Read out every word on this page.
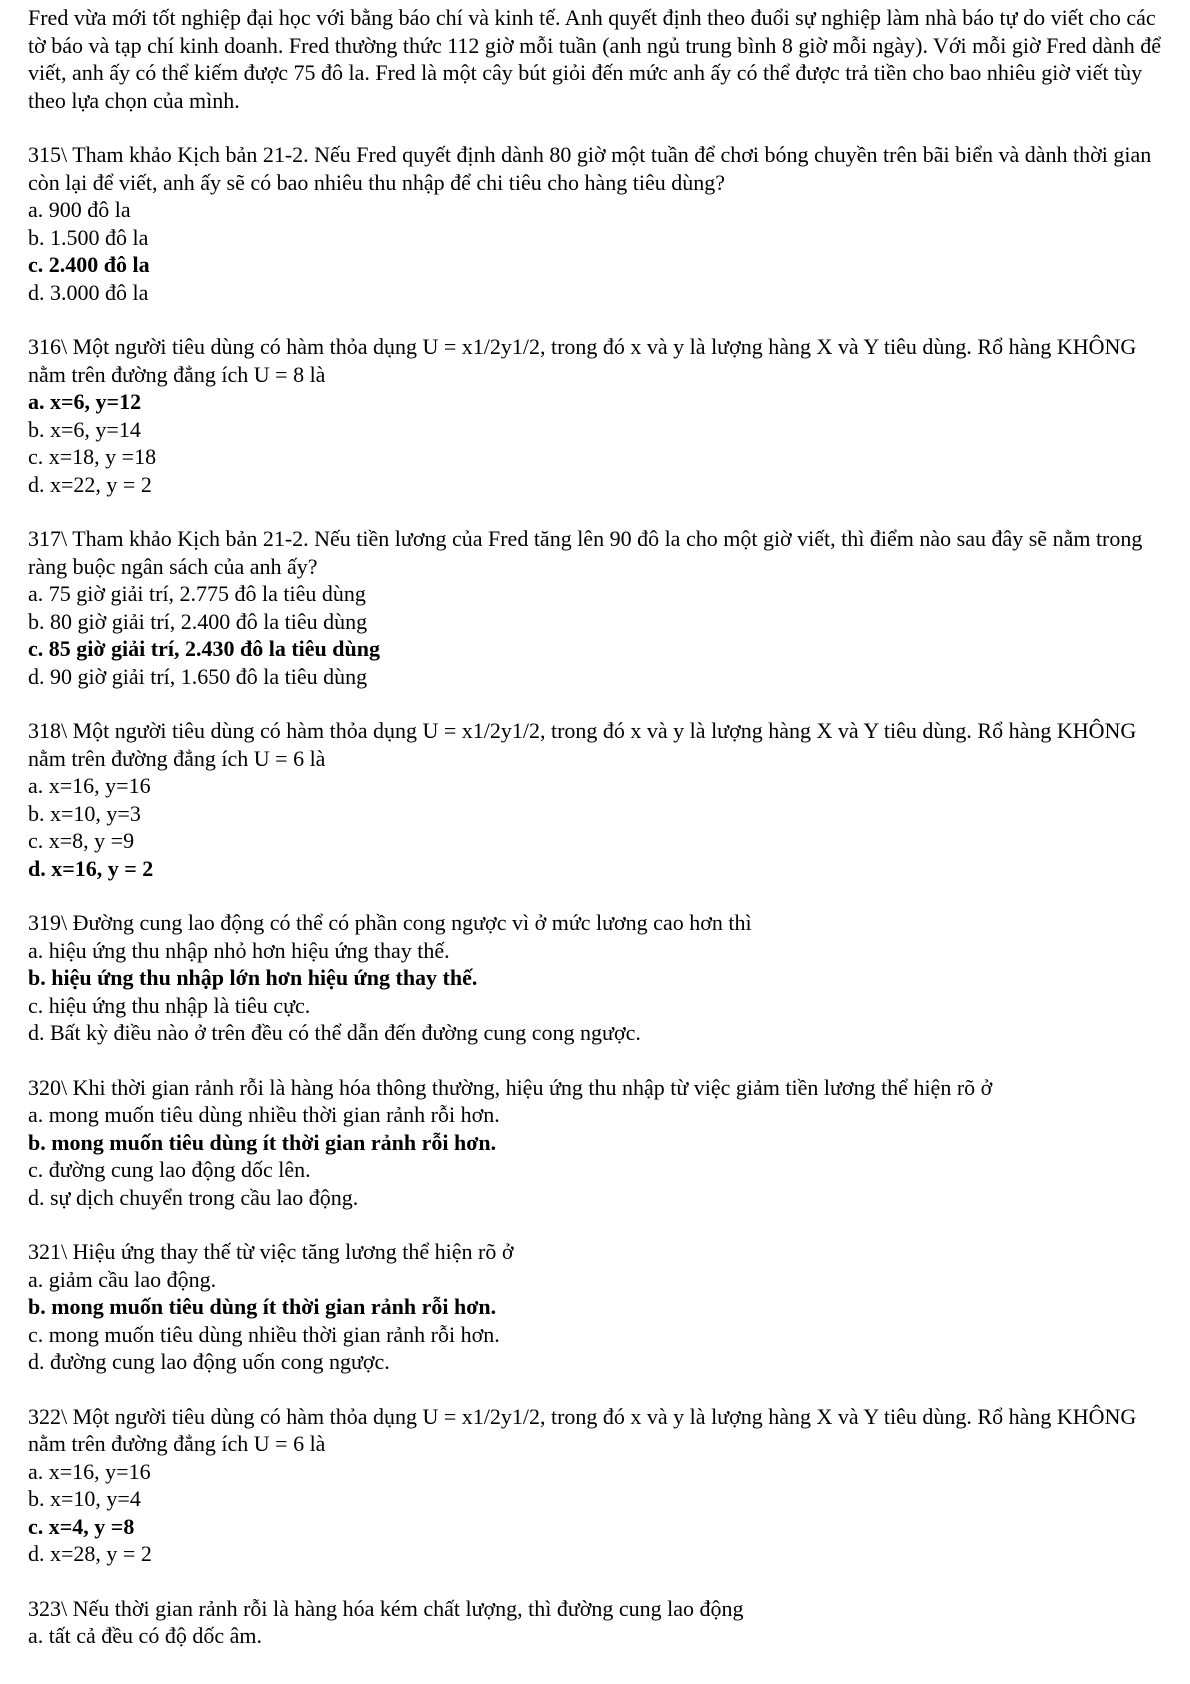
Fred vừa mới tốt nghiệp đại học với bằng báo chí và kinh tế. Anh quyết định theo đuổi sự nghiệp làm nhà báo tự do viết cho các tờ báo và tạp chí kinh doanh. Fred thường thức 112 giờ mỗi tuần (anh ngủ trung bình 8 giờ mỗi ngày). Với mỗi giờ Fred dành để viết, anh ấy có thể kiếm được 75 đô la. Fred là một cây bút giỏi đến mức anh ấy có thể được trả tiền cho bao nhiêu giờ viết tùy theo lựa chọn của mình.

315\ Tham khảo Kịch bản 21-2. Nếu Fred quyết định dành 80 giờ một tuần để chơi bóng chuyền trên bãi biển và dành thời gian còn lại để viết, anh ấy sẽ có bao nhiêu thu nhập để chi tiêu cho hàng tiêu dùng?

a. 900 đô la
b. 1.500 đô la
c. 2.400 đô la
d. 3.000 đô la

316\ Một người tiêu dùng có hàm thỏa dụng U = x1/2y1/2, trong đó x và y là lượng hàng X và Y tiêu dùng. Rổ hàng KHÔNG nằm trên đường đẳng ích U = 8 là

a. x=6, y=12
b. x=6, y=14
c. x=18, y =18
d. x=22, y = 2

317\ Tham khảo Kịch bản 21-2. Nếu tiền lương của Fred tăng lên 90 đô la cho một giờ viết, thì điểm nào sau đây sẽ nằm trong ràng buộc ngân sách của anh ấy?

a. 75 giờ giải trí, 2.775 đô la tiêu dùng
b. 80 giờ giải trí, 2.400 đô la tiêu dùng
c. 85 giờ giải trí, 2.430 đô la tiêu dùng
d. 90 giờ giải trí, 1.650 đô la tiêu dùng

318\ Một người tiêu dùng có hàm thỏa dụng U = x1/2y1/2, trong đó x và y là lượng hàng X và Y tiêu dùng. Rổ hàng KHÔNG nằm trên đường đẳng ích U = 6 là

a. x=16, y=16
b. x=10, y=3
c. x=8, y =9
d. x=16, y = 2

319\ Đường cung lao động có thể có phần cong ngược vì ở mức lương cao hơn thì

a. hiệu ứng thu nhập nhỏ hơn hiệu ứng thay thế.
b. hiệu ứng thu nhập lớn hơn hiệu ứng thay thế.
c. hiệu ứng thu nhập là tiêu cực.
d. Bất kỳ điều nào ở trên đều có thể dẫn đến đường cung cong ngược.

320\ Khi thời gian rảnh rỗi là hàng hóa thông thường, hiệu ứng thu nhập từ việc giảm tiền lương thể hiện rõ ở

a. mong muốn tiêu dùng nhiều thời gian rảnh rỗi hơn.
b. mong muốn tiêu dùng ít thời gian rảnh rỗi hơn.
c. đường cung lao động dốc lên.
d. sự dịch chuyển trong cầu lao động.

321\ Hiệu ứng thay thế từ việc tăng lương thể hiện rõ ở

a. giảm cầu lao động.
b. mong muốn tiêu dùng ít thời gian rảnh rỗi hơn.
c. mong muốn tiêu dùng nhiều thời gian rảnh rỗi hơn.
d. đường cung lao động uốn cong ngược.

322\ Một người tiêu dùng có hàm thỏa dụng U = x1/2y1/2, trong đó x và y là lượng hàng X và Y tiêu dùng. Rổ hàng KHÔNG nằm trên đường đẳng ích U = 6 là

a. x=16, y=16
b. x=10, y=4
c. x=4, y =8
d. x=28, y = 2

323\ Nếu thời gian rảnh rỗi là hàng hóa kém chất lượng, thì đường cung lao động

a. tất cả đều có độ dốc âm.
